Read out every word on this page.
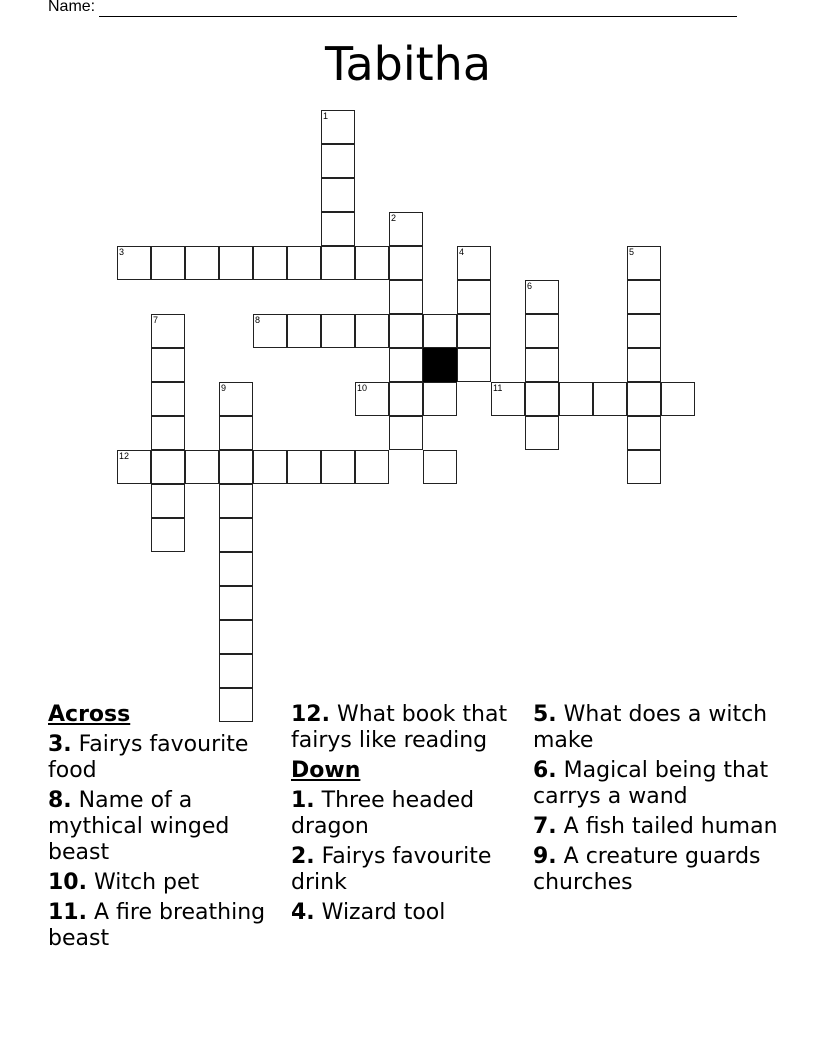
Name:
Tabitha
1
2
3	4	5
6
7	8
9	10	11
12
Across
3. Fairys favourite food
8. Name of a mythical winged beast
10. Witch pet
11. A fire breathing beast
12. What book that fairys like reading
Down
1. Three headed dragon
2. Fairys favourite drink
4. Wizard tool
5. What does a witch make
6. Magical being that carrys a wand
7. A fish tailed human
9. A creature guards churches
